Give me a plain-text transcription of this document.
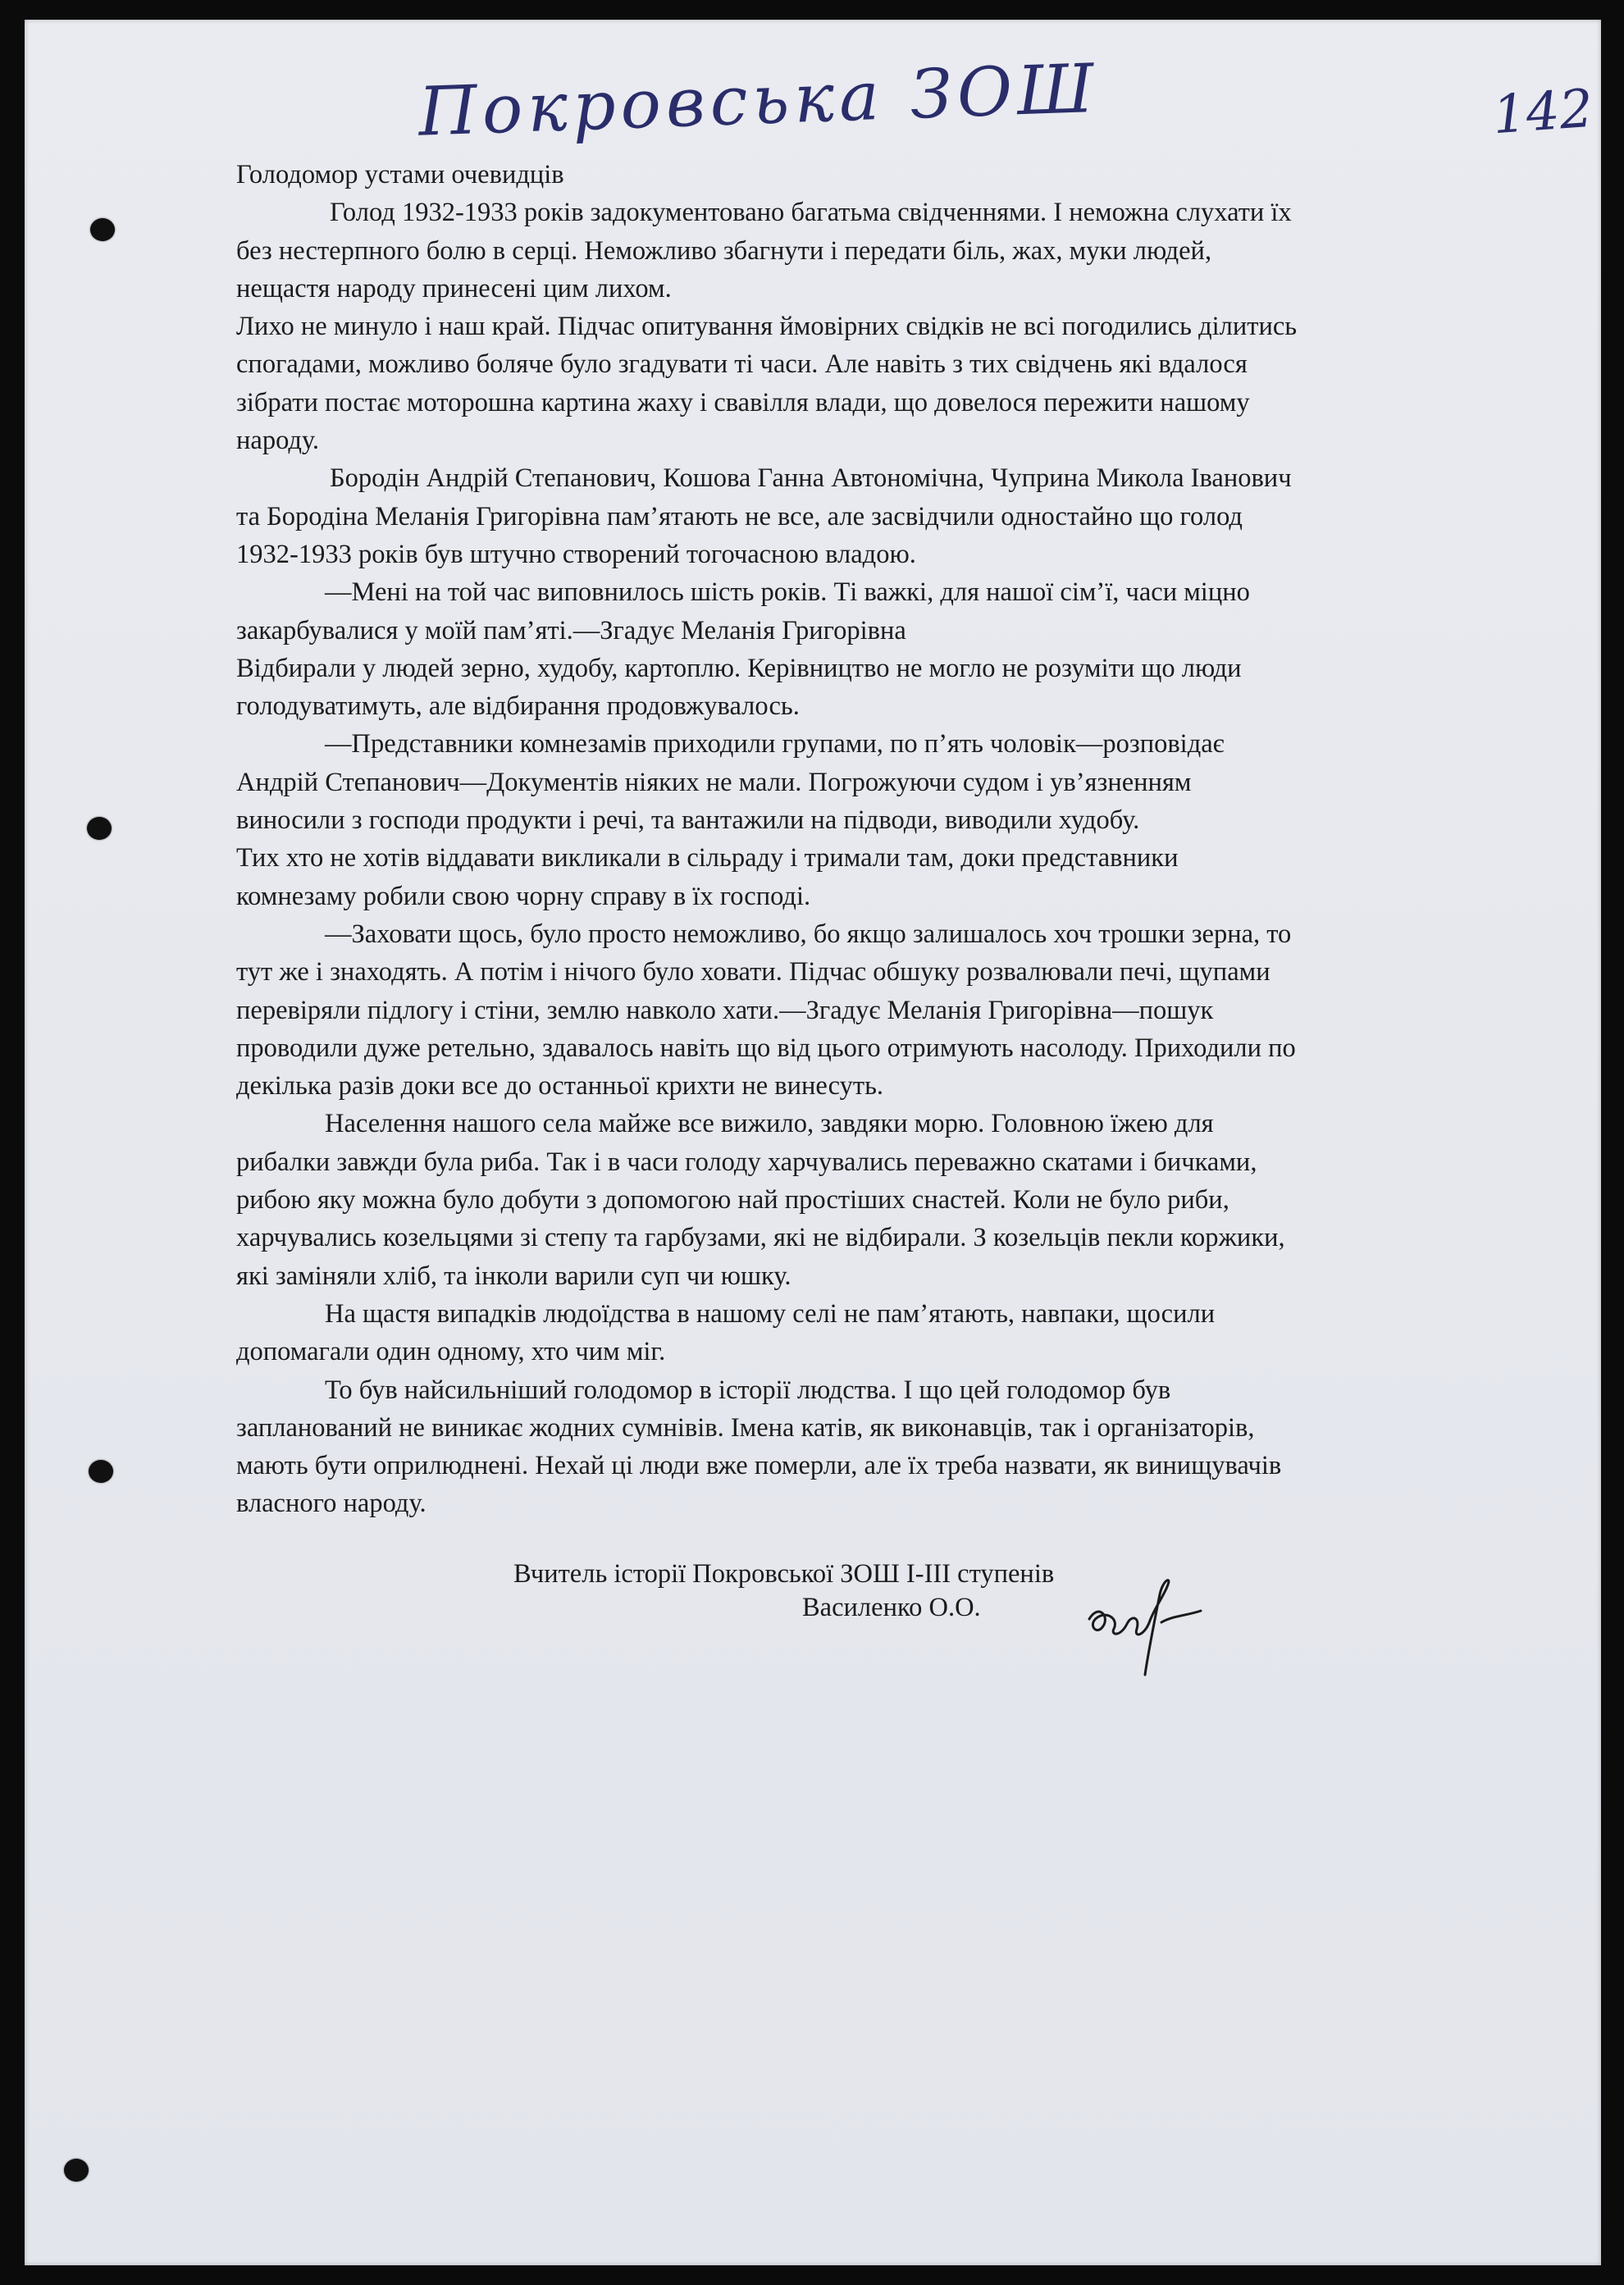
Покровська ЗОШ	142
Голодомор устами очевидців
Голод 1932-1933 років задокументовано багатьма свідченнями. І неможна слухати їх
без нестерпного болю в серці. Неможливо збагнути і передати біль, жах, муки людей,
нещастя народу принесені цим лихом.
Лихо не минуло і наш край. Підчас опитування ймовірних свідків не всі погодились ділитись
спогадами, можливо боляче було згадувати ті часи. Але навіть з тих свідчень які вдалося
зібрати постає моторошна картина жаху і свавілля влади, що довелося пережити нашому
народу.
Бородін Андрій Степанович, Кошова Ганна Автономічна, Чуприна Микола Іванович
та Бородіна Меланія Григорівна пам’ятають не все, але засвідчили одностайно що голод
1932-1933 років був штучно створений тогочасною владою.
—Мені на той час виповнилось шість років. Ті важкі, для нашої сім’ї, часи міцно
закарбувалися у моїй пам’яті.—Згадує Меланія Григорівна
Відбирали у людей зерно, худобу, картоплю. Керівництво не могло не розуміти що люди
голодуватимуть, але відбирання продовжувалось.
—Представники комнезамів приходили групами, по п’ять чоловік—розповідає
Андрій Степанович—Документів ніяких не мали. Погрожуючи судом і ув’язненням
виносили з господи продукти і речі, та вантажили на підводи, виводили худобу.
Тих хто не хотів віддавати викликали в сільраду і тримали там, доки представники
комнезаму робили свою чорну справу в їх господі.
—Заховати щось, було просто неможливо, бо якщо залишалось хоч трошки зерна, то
тут же і знаходять. А потім і нічого було ховати. Підчас обшуку розвалювали печі, щупами
перевіряли підлогу і стіни, землю навколо хати.—Згадує Меланія Григорівна—пошук
проводили дуже ретельно, здавалось навіть що від цього отримують насолоду. Приходили по
декілька разів доки все до останньої крихти не винесуть.
Населення нашого села майже все вижило, завдяки морю. Головною їжею для
рибалки завжди була риба. Так і в часи голоду харчувались переважно скатами і бичками,
рибою яку можна було добути з допомогою най простіших снастей. Коли не було риби,
харчувались козельцями зі степу та гарбузами, які не відбирали. З козельців пекли коржики,
які заміняли хліб, та інколи варили суп чи юшку.
На щастя випадків людоїдства в нашому селі не пам’ятають, навпаки, щосили
допомагали один одному, хто чим міг.
То був найсильніший голодомор в історії людства. І що цей голодомор був
запланований не виникає жодних сумнівів. Імена катів, як виконавців, так і організаторів,
мають бути оприлюднені. Нехай ці люди вже померли, але їх треба назвати, як винищувачів
власного народу.
Вчитель історії Покровської ЗОШ І-ІІІ ступенів
Василенко О.О.
